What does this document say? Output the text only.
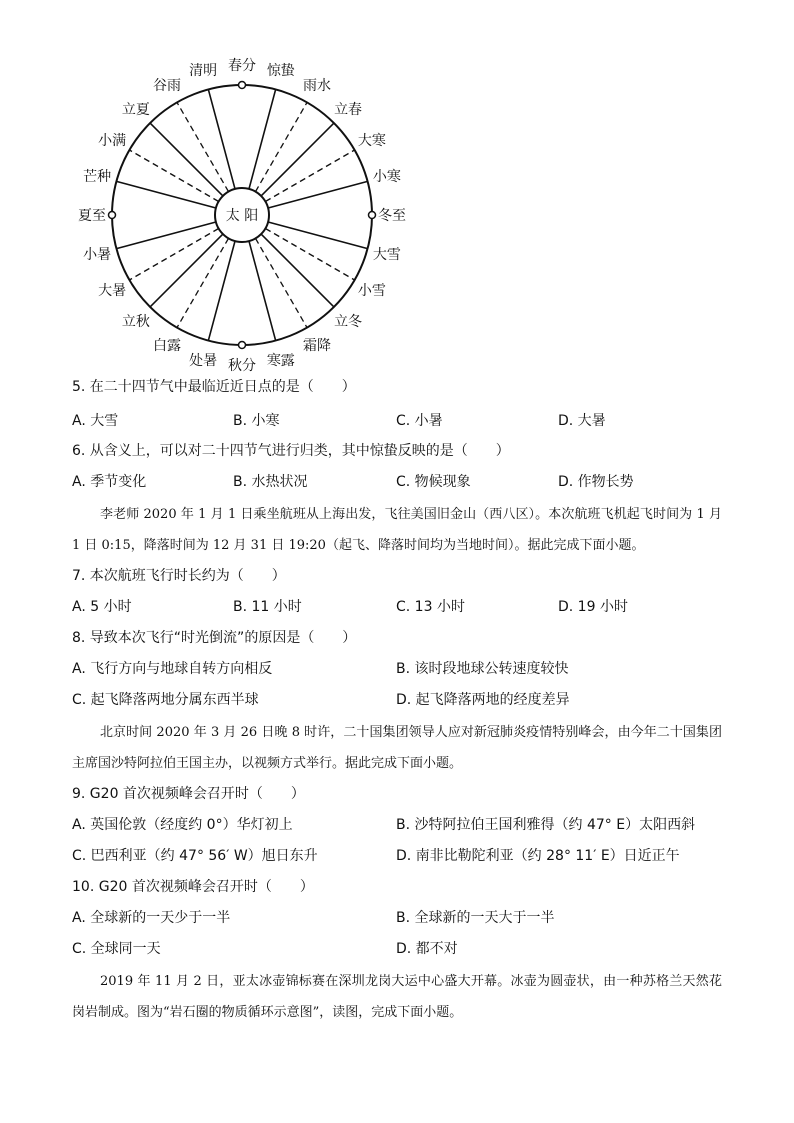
太 阳
春分 惊蛰
雨水
立春
大寒
小寒
冬至
大雪
小雪
立冬
霜降
寒露
秋分
处暑
白露
立秋
大暑
小暑
夏至
芒种
小满
立夏
谷雨
清明
5. 在二十四节气中最临近近日点的是（　　）
A. 大雪	B. 小寒	C. 小暑	D. 大暑
6. 从含义上，可以对二十四节气进行归类，其中惊蛰反映的是（　　）
A. 季节变化	B. 水热状况	C. 物候现象	D. 作物长势
李老师 2020 年 1 月 1 日乘坐航班从上海出发，飞往美国旧金山（西八区）。本次航班飞机起飞时间为 1 月 1 日 0:15，降落时间为 12 月 31 日 19:20（起飞、降落时间均为当地时间）。据此完成下面小题。
7. 本次航班飞行时长约为（　　）
A. 5 小时	B. 11 小时	C. 13 小时	D. 19 小时
8. 导致本次飞行“时光倒流”的原因是（　　）
A. 飞行方向与地球自转方向相反	B. 该时段地球公转速度较快
C. 起飞降落两地分属东西半球	D. 起飞降落两地的经度差异
北京时间 2020 年 3 月 26 日晚 8 时许，二十国集团领导人应对新冠肺炎疫情特别峰会，由今年二十国集团主席国沙特阿拉伯王国主办，以视频方式举行。据此完成下面小题。
9. G20 首次视频峰会召开时（　　）
A. 英国伦敦（经度约 0°）华灯初上	B. 沙特阿拉伯王国利雅得（约 47° E）太阳西斜
C. 巴西利亚（约 47° 56′ W）旭日东升	D. 南非比勒陀利亚（约 28° 11′ E）日近正午
10. G20 首次视频峰会召开时（　　）
A. 全球新的一天少于一半	B. 全球新的一天大于一半
C. 全球同一天	D. 都不对
2019 年 11 月 2 日，亚太冰壶锦标赛在深圳龙岗大运中心盛大开幕。冰壶为圆壶状，由一种苏格兰天然花岗岩制成。图为“岩石圈的物质循环示意图”，读图，完成下面小题。
